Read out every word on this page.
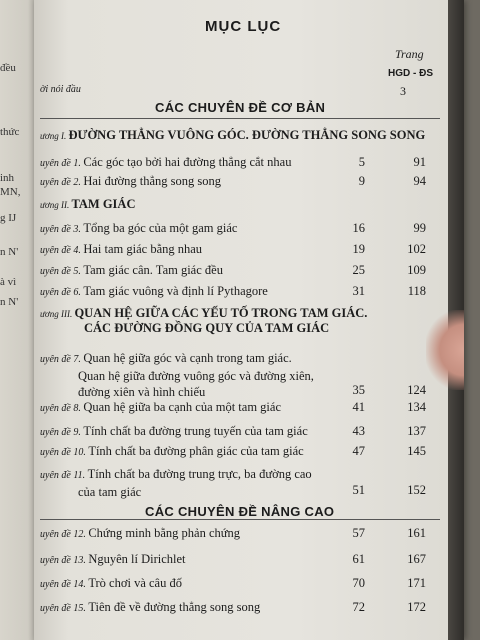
đều
thức
inh
MN,
g IJ
n N'
à vì
n N'
MỤC LỤC
Trang
HGD - ĐS
ời nói đầu	3
CÁC CHUYÊN ĐỀ CƠ BẢN
ương I. ĐƯỜNG THẲNG VUÔNG GÓC. ĐƯỜNG THẲNG SONG SONG
uyên đề 1. Các góc tạo bởi hai đường thẳng cắt nhau	5	91
uyên đề 2. Hai đường thẳng song song	9	94
ương II. TAM GIÁC
uyên đề 3. Tổng ba góc của một gam giác	16	99
uyên đề 4. Hai tam giác bằng nhau	19	102
uyên đề 5. Tam giác cân. Tam giác đều	25	109
uyên đề 6. Tam giác vuông và định lí Pythagore	31	118
ương III. QUAN HỆ GIỮA CÁC YẾU TỐ TRONG TAM GIÁC.
CÁC ĐƯỜNG ĐỒNG QUY CỦA TAM GIÁC
uyên đề 7. Quan hệ giữa góc và cạnh trong tam giác.
Quan hệ giữa đường vuông góc và đường xiên,
đường xiên và hình chiếu	35	124
uyên đề 8. Quan hệ giữa ba cạnh của một tam giác	41	134
uyên đề 9. Tính chất ba đường trung tuyến của tam giác	43	137
uyên đề 10. Tính chất ba đường phân giác của tam giác	47	145
uyên đề 11. Tính chất ba đường trung trực, ba đường cao
của tam giác	51	152
CÁC CHUYÊN ĐỀ NÂNG CAO
uyên đề 12. Chứng minh bằng phản chứng	57	161
uyên đề 13. Nguyên lí Dirichlet	61	167
uyên đề 14. Trò chơi và câu đố	70	171
uyên đề 15. Tiên đề về đường thẳng song song	72	172
